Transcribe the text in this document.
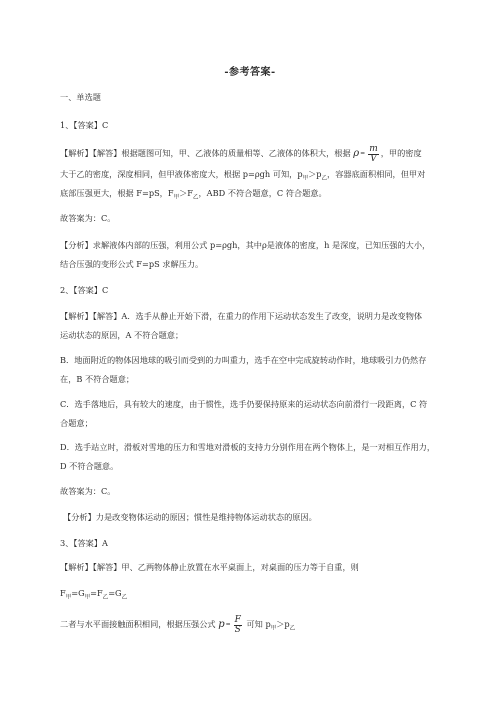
-参考答案-
一、单选题
1、【答案】C
【解析】【解答】根据题图可知，甲、乙液体的质量相等、乙液体的体积大，根据 $\rho= \frac{m}{V}$ ，甲的密度
大于乙的密度，深度相同，但甲液体密度大，根据 p=ρgh 可知，$p_甲>p_乙$，容器底面积相同，但甲对
底部压强更大，根据 F=pS，$F_甲>F_乙$，ABD 不符合题意，C 符合题意。
故答案为：C。
【分析】求解液体内部的压强，利用公式 p=ρgh，其中ρ是液体的密度，h 是深度，已知压强的大小，
结合压强的变形公式 F=pS 求解压力。
2、【答案】C
【解析】【解答】A．选手从静止开始下滑，在重力的作用下运动状态发生了改变，说明力是改变物体
运动状态的原因，A 不符合题意；
B．地面附近的物体因地球的吸引而受到的力叫重力，选手在空中完成旋转动作时，地球吸引力仍然存
在，B 不符合题意；
C．选手落地后，具有较大的速度，由于惯性，选手仍要保持原来的运动状态向前滑行一段距离，C 符
合题意；
D．选手站立时，滑板对雪地的压力和雪地对滑板的支持力分别作用在两个物体上，是一对相互作用力，
D 不符合题意。
故答案为：C。
【分析】力是改变物体运动的原因；惯性是维持物体运动状态的原因。
3、【答案】A
【解析】【解答】甲、乙两物体静止放置在水平桌面上，对桌面的压力等于自重，则
$F_甲=G_甲=F_乙=G_乙$
二者与水平面接触面积相同，根据压强公式 $p= \frac{F}{S}$ 可知 $p_甲>p_乙$
